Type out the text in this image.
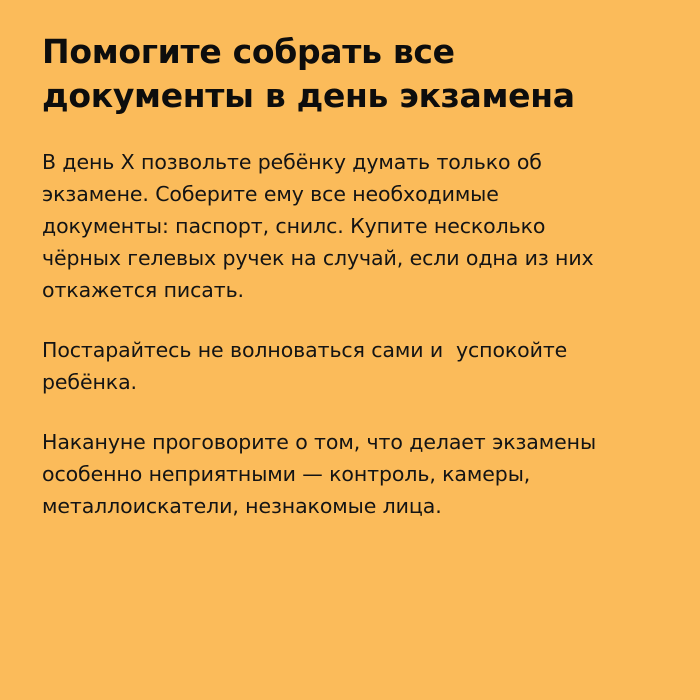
Помогите собрать все
документы в день экзамена

В день Х позвольте ребёнку думать только об
экзамене. Соберите ему все необходимые
документы: паспорт, снилс. Купите несколько
чёрных гелевых ручек на случай, если одна из них
откажется писать.

Постарайтесь не волноваться сами и  успокойте
ребёнка.

Накануне проговорите о том, что делает экзамены
особенно неприятными — контроль, камеры,
металлоискатели, незнакомые лица.
